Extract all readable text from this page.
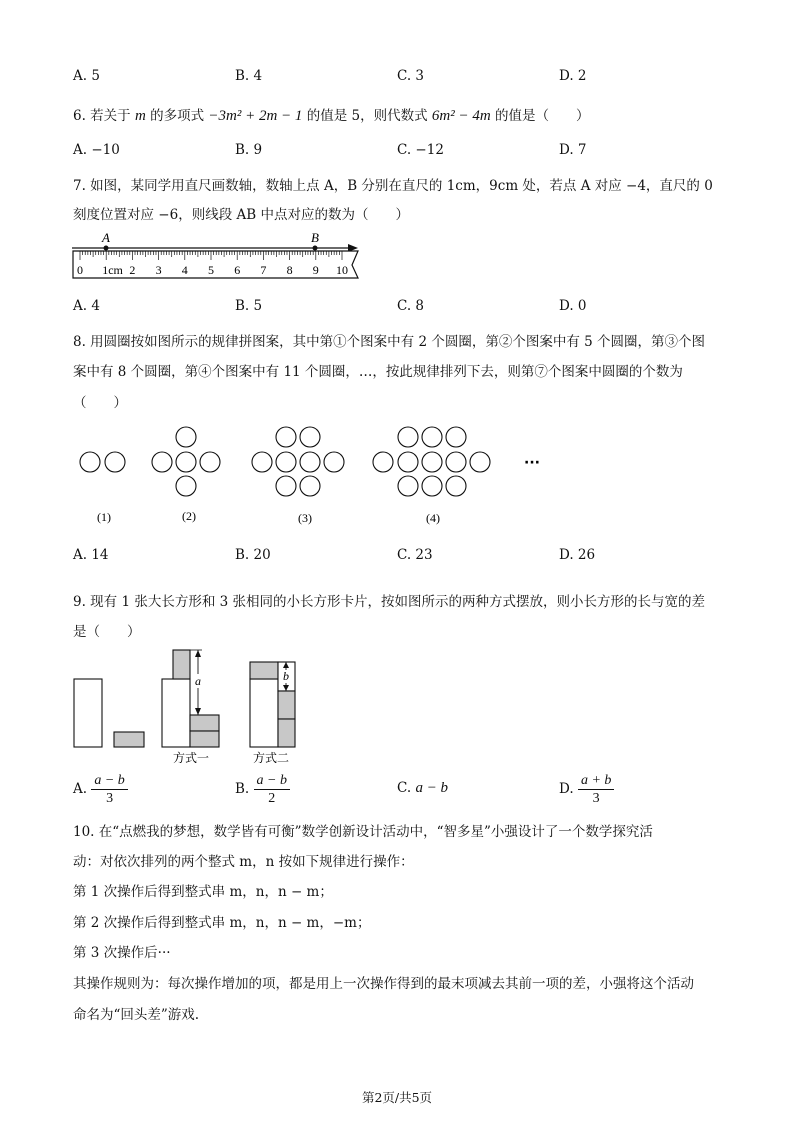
A. 5	B. 4	C. 3	D. 2
6. 若关于 m 的多项式 −3m² + 2m − 1 的值是 5，则代数式 6m² − 4m 的值是（　　）
A. −10	B. 9	C. −12	D. 7
7. 如图，某同学用直尺画数轴，数轴上点 A，B 分别在直尺的 1cm，9cm 处，若点 A 对应 −4，直尺的 0
刻度位置对应 −6，则线段 AB 中点对应的数为（　　）
A	B
0 1cm 2 3 4 5 6 7 8 9 10
A. 4	B. 5	C. 8	D. 0
8. 用圆圈按如图所示的规律拼图案，其中第①个图案中有 2 个圆圈，第②个图案中有 5 个圆圈，第③个图
案中有 8 个圆圈，第④个图案中有 11 个圆圈，…，按此规律排列下去，则第⑦个图案中圆圈的个数为
（　　）
···
(1)	(2)	(3)	(4)
A. 14	B. 20	C. 23	D. 26
9. 现有 1 张大长方形和 3 张相同的小长方形卡片，按如图所示的两种方式摆放，则小长方形的长与宽的差
是（　　）
a	b
方式一	方式二
A. $\frac{a - b}{3}$	B. $\frac{a - b}{2}$	C. a − b	D. $\frac{a + b}{3}$
10. 在“点燃我的梦想，数学皆有可衡”数学创新设计活动中，“智多星”小强设计了一个数学探究活
动：对依次排列的两个整式 m，n 按如下规律进行操作：
第 1 次操作后得到整式串 m，n，n − m；
第 2 次操作后得到整式串 m，n，n − m，−m；
第 3 次操作后···
其操作规则为：每次操作增加的项，都是用上一次操作得到的最末项减去其前一项的差，小强将这个活动
命名为“回头差”游戏.
第2页/共5页
